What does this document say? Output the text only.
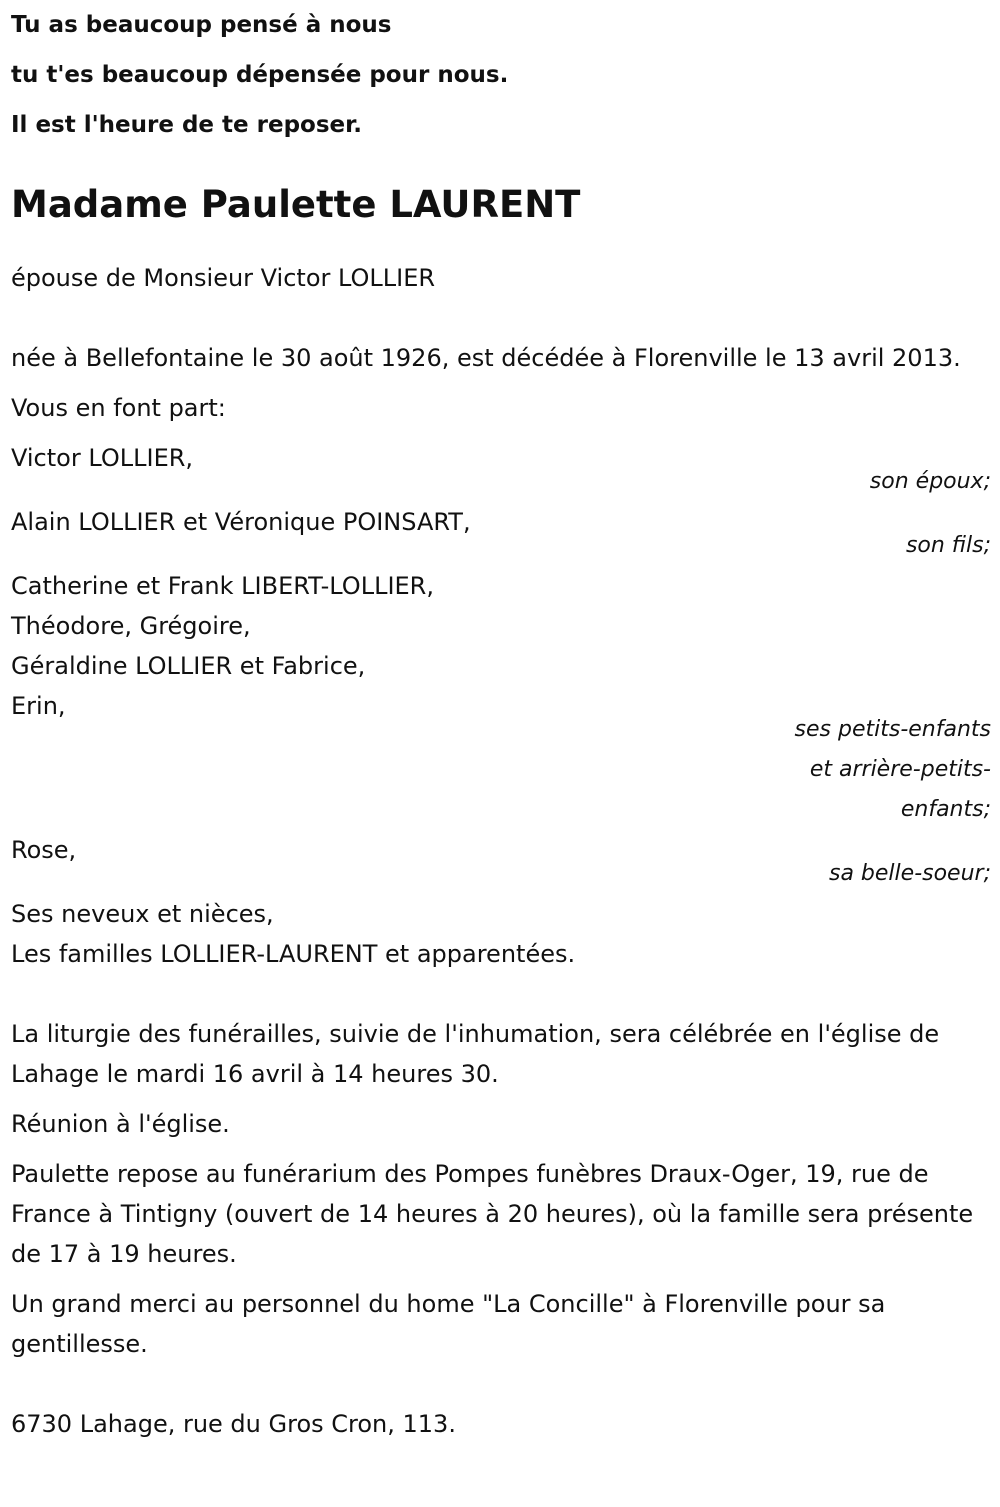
Tu as beaucoup pensé à nous
tu t'es beaucoup dépensée pour nous.
Il est l'heure de te reposer.
Madame Paulette LAURENT
épouse de Monsieur Victor LOLLIER
née à Bellefontaine le 30 août 1926, est décédée à Florenville le 13 avril 2013.
Vous en font part:
Victor LOLLIER,
son époux;
Alain LOLLIER et Véronique POINSART,
son fils;
Catherine et Frank LIBERT-LOLLIER,
Théodore, Grégoire,
Géraldine LOLLIER et Fabrice,
Erin,
ses petits-enfants
et arrière-petits-
enfants;
Rose,
sa belle-soeur;
Ses neveux et nièces,
Les familles LOLLIER-LAURENT et apparentées.
La liturgie des funérailles, suivie de l'inhumation, sera célébrée en l'église de Lahage le mardi 16 avril à 14 heures 30.
Réunion à l'église.
Paulette repose au funérarium des Pompes funèbres Draux-Oger, 19, rue de France à Tintigny (ouvert de 14 heures à 20 heures), où la famille sera présente de 17 à 19 heures.
Un grand merci au personnel du home "La Concille" à Florenville pour sa gentillesse.
6730 Lahage, rue du Gros Cron, 113.
